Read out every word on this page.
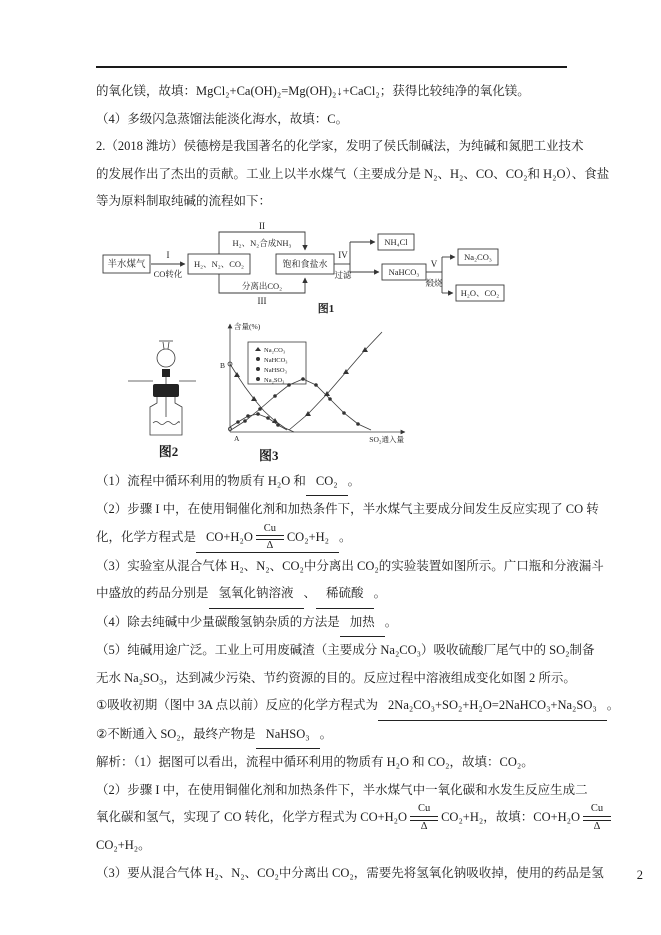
的氧化镁，故填：MgCl₂+Ca(OH)₂=Mg(OH)₂↓+CaCl₂；获得比较纯净的氧化镁。
（4）多级闪急蒸馏法能淡化海水，故填：C。
2.（2018 潍坊）侯德榜是我国著名的化学家，发明了侯氏制碱法，为纯碱和氮肥工业技术
的发展作出了杰出的贡献。工业上以半水煤气（主要成分是 N₂、H₂、CO、CO₂和 H₂O）、食盐
等为原料制取纯碱的流程如下：
半水煤气
I
CO转化
H₂、N₂、CO₂
II
H₂、N₂合成NH₃
分离出CO₂
III
饱和食盐水
IV
过滤
NH₄Cl
NaHCO₃
V
煅烧
Na₂CO₃
H₂O、CO₂
图1
图2
含量(%)
SO₂通入量
Na₂CO₃
NaHCO₃
NaHSO₃
Na₂SO₃
B
A
图3
（1）流程中循环利用的物质有 H₂O 和 CO₂ 。
（2）步骤 I 中，在使用铜催化剂和加热条件下，半水煤气主要成分间发生反应实现了 CO 转
化，化学方程式是 CO+H₂O
Cu
Δ
CO₂+H₂ 。
（3）实验室从混合气体 H₂、N₂、CO₂中分离出 CO₂的实验装置如图所示。广口瓶和分液漏斗
中盛放的药品分别是 氢氧化钠溶液 、 稀硫酸 。
（4）除去纯碱中少量碳酸氢钠杂质的方法是 加热 。
（5）纯碱用途广泛。工业上可用废碱渣（主要成分 Na₂CO₃）吸收硫酸厂尾气中的 SO₂制备
无水 Na₂SO₃，达到减少污染、节约资源的目的。反应过程中溶液组成变化如图 2 所示。
①吸收初期（图中 3A 点以前）反应的化学方程式为 2Na₂CO₃+SO₂+H₂O=2NaHCO₃+Na₂SO₃ 。
②不断通入 SO₂，最终产物是 NaHSO₃ 。
解析：（1）据图可以看出，流程中循环利用的物质有 H₂O 和 CO₂，故填：CO₂。
（2）步骤 I 中，在使用铜催化剂和加热条件下，半水煤气中一氧化碳和水发生反应生成二
氧化碳和氢气，实现了 CO 转化，化学方程式为 CO+H₂O
Cu
Δ
CO₂+H₂，故填：CO+H₂O
Cu
Δ
CO₂+H₂。
（3）要从混合气体 H₂、N₂、CO₂中分离出 CO₂，需要先将氢氧化钠吸收掉，使用的药品是氢	2
